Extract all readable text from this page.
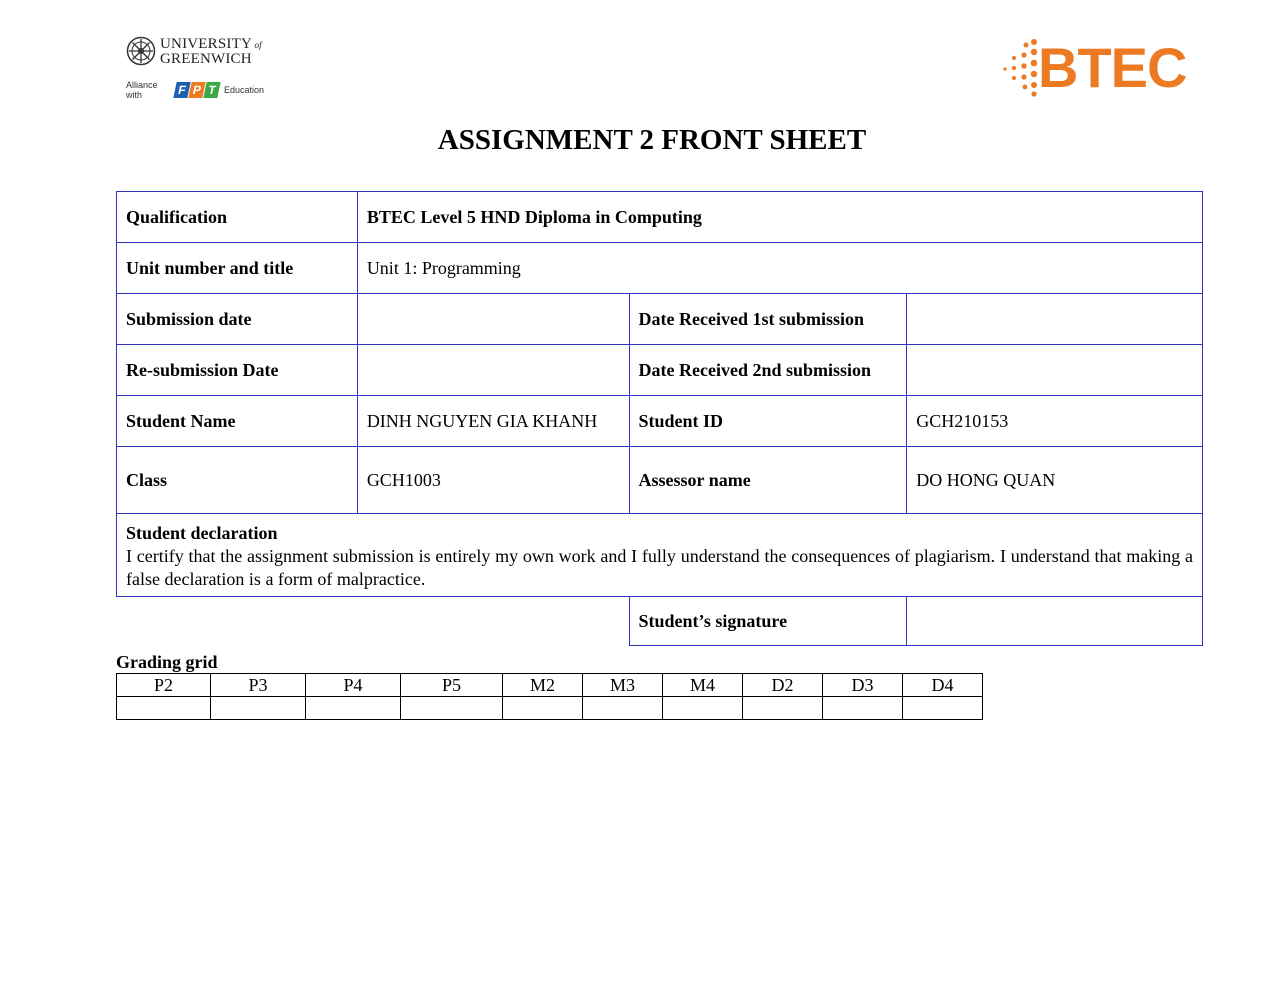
UNIVERSITY of
GREENWICH
Alliance with	F P T Education	BTEC
ASSIGNMENT 2 FRONT SHEET
Qualification	BTEC Level 5 HND Diploma in Computing		
Unit number and title	Unit 1: Programming		
Submission date		Date Received 1st submission	
Re-submission Date		Date Received 2nd submission	
Student Name	DINH NGUYEN GIA KHANH	Student ID	GCH210153
Class	GCH1003	Assessor name	DO HONG QUAN

Student declaration
I certify that the assignment submission is entirely my own work and I fully understand the consequences of plagiarism. I understand that making a false declaration is a form of malpractice.			

		Student’s signature	
Grading grid
P2	P3	P4	P5	M2	M3	M4	D2	D3	D4
